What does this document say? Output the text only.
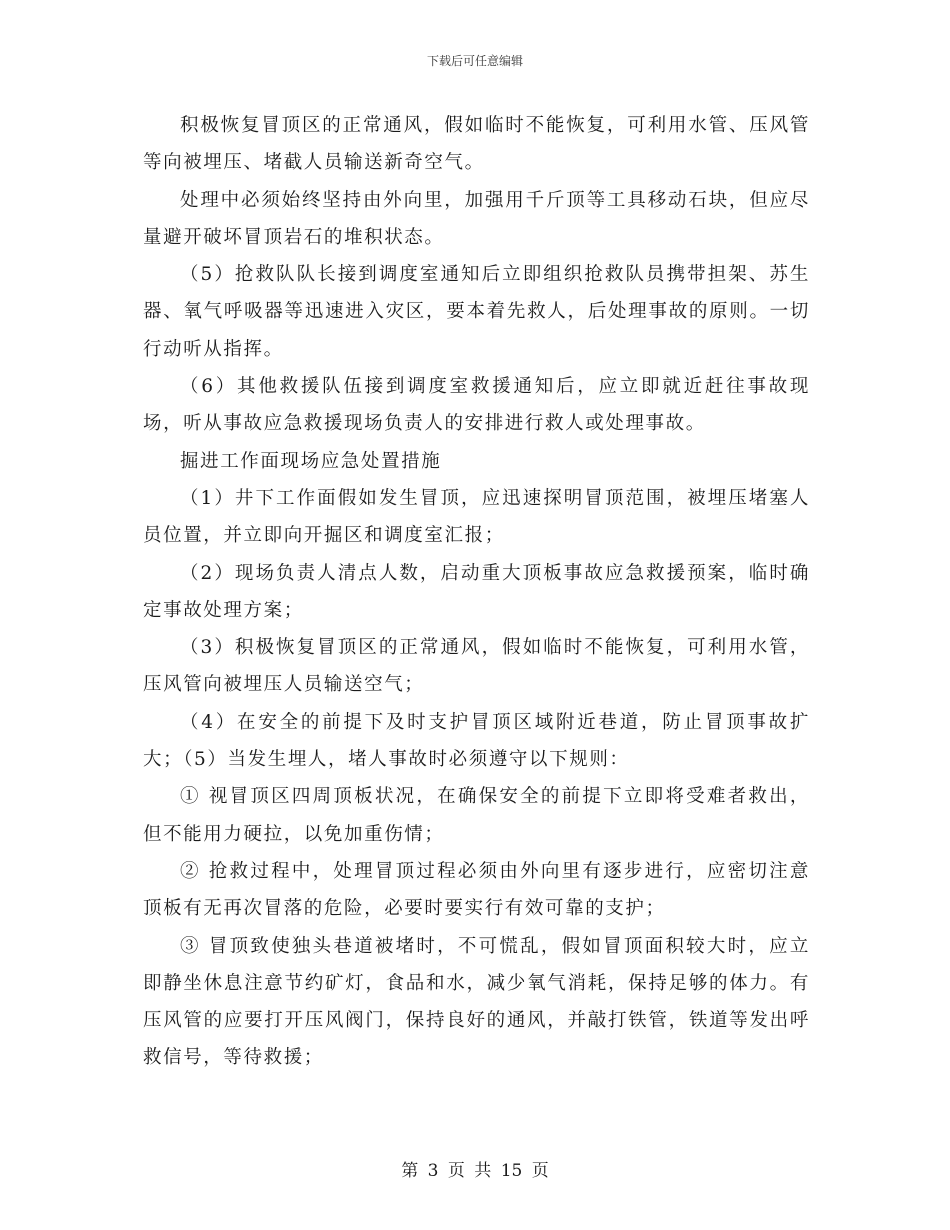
下载后可任意编辑

积极恢复冒顶区的正常通风，假如临时不能恢复，可利用水管、压风管等向被埋压、堵截人员输送新奇空气。

处理中必须始终坚持由外向里，加强用千斤顶等工具移动石块，但应尽量避开破坏冒顶岩石的堆积状态。

（5）抢救队队长接到调度室通知后立即组织抢救队员携带担架、苏生器、氧气呼吸器等迅速进入灾区，要本着先救人，后处理事故的原则。一切行动听从指挥。

（6）其他救援队伍接到调度室救援通知后，应立即就近赶往事故现场，听从事故应急救援现场负责人的安排进行救人或处理事故。

掘进工作面现场应急处置措施

（1）井下工作面假如发生冒顶，应迅速探明冒顶范围，被埋压堵塞人员位置，并立即向开掘区和调度室汇报；

（2）现场负责人清点人数，启动重大顶板事故应急救援预案，临时确定事故处理方案；

（3）积极恢复冒顶区的正常通风，假如临时不能恢复，可利用水管，压风管向被埋压人员输送空气；

（4）在安全的前提下及时支护冒顶区域附近巷道，防止冒顶事故扩大；（5）当发生埋人，堵人事故时必须遵守以下规则：

① 视冒顶区四周顶板状况，在确保安全的前提下立即将受难者救出，但不能用力硬拉，以免加重伤情；

② 抢救过程中，处理冒顶过程必须由外向里有逐步进行，应密切注意顶板有无再次冒落的危险，必要时要实行有效可靠的支护；

③ 冒顶致使独头巷道被堵时，不可慌乱，假如冒顶面积较大时，应立即静坐休息注意节约矿灯，食品和水，减少氧气消耗，保持足够的体力。有压风管的应要打开压风阀门，保持良好的通风，并敲打铁管，铁道等发出呼救信号，等待救援；

第 3 页 共 15 页
